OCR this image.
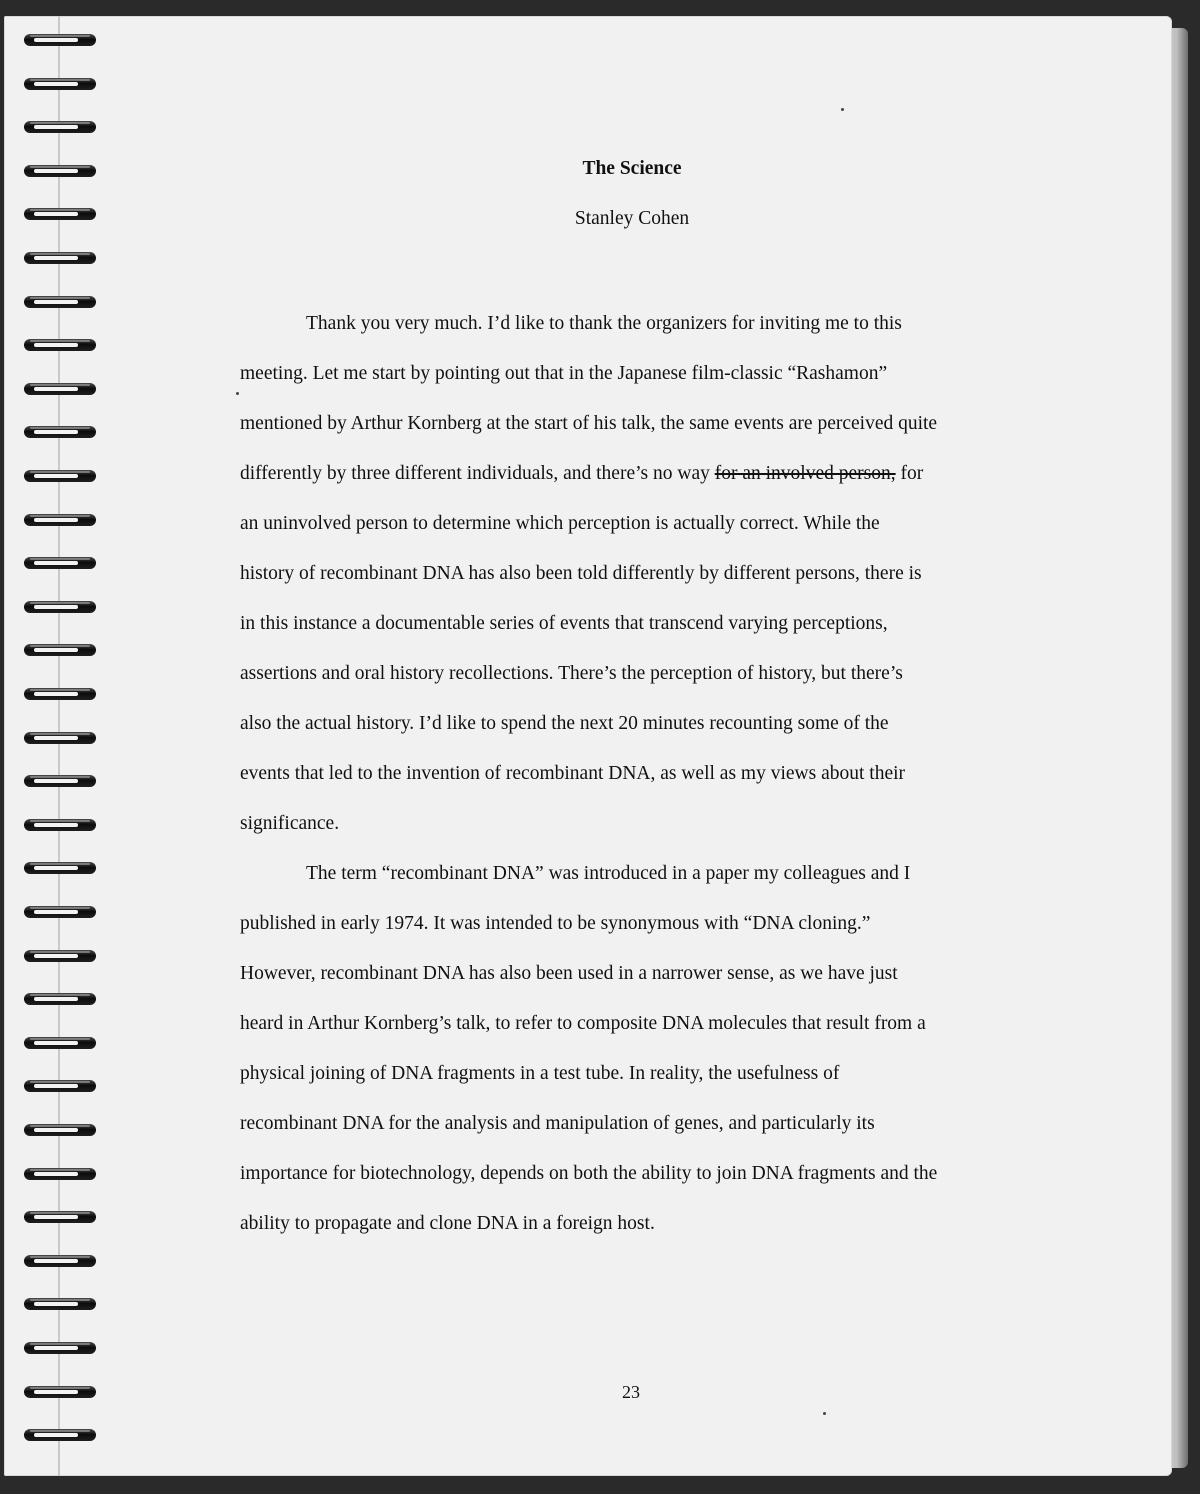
The Science
Stanley Cohen
Thank you very much. I’d like to thank the organizers for inviting me to this
meeting. Let me start by pointing out that in the Japanese film-classic “Rashamon”
mentioned by Arthur Kornberg at the start of his talk, the same events are perceived quite
differently by three different individuals, and there’s no way for an involved person, for
an uninvolved person to determine which perception is actually correct. While the
history of recombinant DNA has also been told differently by different persons, there is
in this instance a documentable series of events that transcend varying perceptions,
assertions and oral history recollections. There’s the perception of history, but there’s
also the actual history. I’d like to spend the next 20 minutes recounting some of the
events that led to the invention of recombinant DNA, as well as my views about their
significance.
The term “recombinant DNA” was introduced in a paper my colleagues and I
published in early 1974. It was intended to be synonymous with “DNA cloning.”
However, recombinant DNA has also been used in a narrower sense, as we have just
heard in Arthur Kornberg’s talk, to refer to composite DNA molecules that result from a
physical joining of DNA fragments in a test tube. In reality, the usefulness of
recombinant DNA for the analysis and manipulation of genes, and particularly its
importance for biotechnology, depends on both the ability to join DNA fragments and the
ability to propagate and clone DNA in a foreign host.
23
